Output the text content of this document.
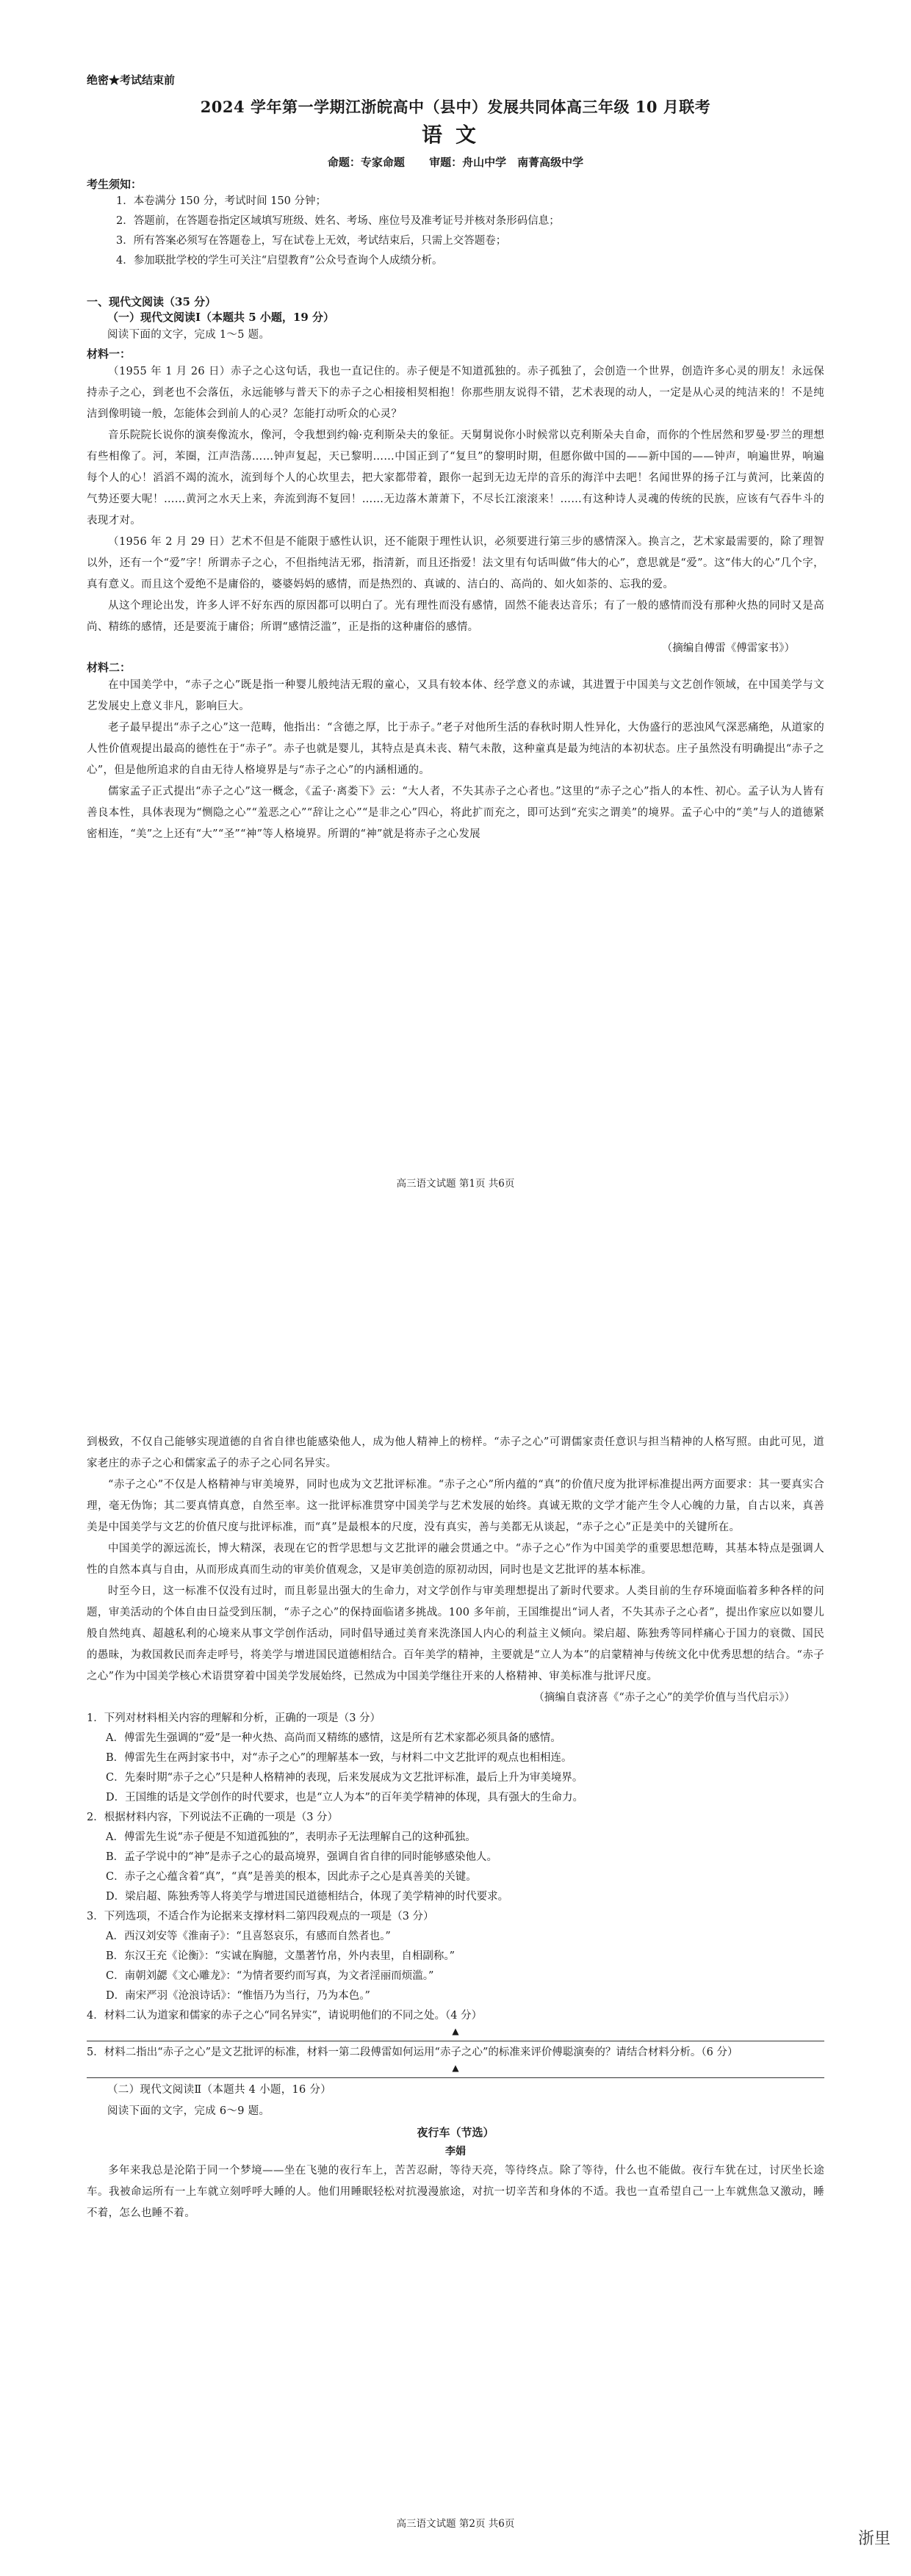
绝密★考试结束前
2024 学年第一学期江浙皖高中（县中）发展共同体高三年级 10 月联考
语文
命题：专家命题 审题：舟山中学　南菁高级中学
考生须知：
1．本卷满分 150 分，考试时间 150 分钟；
2．答题前，在答题卷指定区域填写班级、姓名、考场、座位号及准考证号并核对条形码信息；
3．所有答案必须写在答题卷上，写在试卷上无效，考试结束后，只需上交答题卷；
4．参加联批学校的学生可关注“启望教育”公众号查询个人成绩分析。
一、现代文阅读（35 分）
（一）现代文阅读Ⅰ（本题共 5 小题，19 分）
阅读下面的文字，完成 1～5 题。
材料一：

（1955 年 1 月 26 日）赤子之心这句话，我也一直记住的。赤子便是不知道孤独的。赤子孤独了，会创造一个世界，创造许多心灵的朋友！永远保持赤子之心，到老也不会落伍，永远能够与普天下的赤子之心相接相契相抱！你那些朋友说得不错，艺术表现的动人，一定是从心灵的纯洁来的！不是纯洁到像明镜一般，怎能体会到前人的心灵？怎能打动听众的心灵？

音乐院院长说你的演奏像流水，像河，令我想到约翰·克利斯朵夫的象征。天舅舅说你小时候常以克利斯朵夫自命，而你的个性居然和罗曼·罗兰的理想有些相像了。河，苯圈，江声浩荡……钟声复起，天已黎明……中国正到了“复旦”的黎明时期，但愿你做中国的——新中国的——钟声，响遍世界，响遍每个人的心！滔滔不竭的流水，流到每个人的心坎里去，把大家都带着，跟你一起到无边无岸的音乐的海洋中去吧！名闻世界的扬子江与黄河，比莱茵的气势还要大呢！……黄河之水天上来，奔流到海不复回！……无边落木萧萧下，不尽长江滚滚来！……有这种诗人灵魂的传统的民族，应该有气吞牛斗的表现才对。

（1956 年 2 月 29 日）艺术不但是不能限于感性认识，还不能限于理性认识，必须要进行第三步的感情深入。换言之，艺术家最需要的，除了理智以外，还有一个“爱”字！所谓赤子之心，不但指纯洁无邪，指清新，而且还指爱！法文里有句话叫做“伟大的心”，意思就是“爱”。这“伟大的心”几个字，真有意义。而且这个爱绝不是庸俗的，婆婆妈妈的感情，而是热烈的、真诚的、洁白的、高尚的、如火如荼的、忘我的爱。

从这个理论出发，许多人评不好东西的原因都可以明白了。光有理性而没有感情，固然不能表达音乐；有了一般的感情而没有那种火热的同时又是高尚、精练的感情，还是要流于庸俗；所谓“感情泛滥”，正是指的这种庸俗的感情。

（摘编自傅雷《傅雷家书》）
材料二：

在中国美学中，“赤子之心”既是指一种婴儿般纯洁无瑕的童心，又具有较本体、经学意义的赤诚，其进置于中国美与文艺创作领域，在中国美学与文艺发展史上意义非凡，影响巨大。

老子最早提出“赤子之心”这一范畴，他指出：“含德之厚，比于赤子。”老子对他所生活的春秋时期人性异化，大伪盛行的恶浊风气深恶痛绝，从道家的人性价值观提出最高的德性在于“赤子”。赤子也就是婴儿，其特点是真未丧、精气未散，这种童真是最为纯洁的本初状态。庄子虽然没有明确提出“赤子之心”，但是他所追求的自由无待人格境界是与“赤子之心”的内涵相通的。

儒家孟子正式提出“赤子之心”这一概念，《孟子·离娄下》云：“大人者，不失其赤子之心者也。”这里的“赤子之心”指人的本性、初心。孟子认为人皆有善良本性，具体表现为“恻隐之心”“羞恶之心”“辞让之心”“是非之心”四心，将此扩而充之，即可达到“充实之谓美”的境界。孟子心中的“美”与人的道德紧密相连，“美”之上还有“大”“圣”“神”等人格境界。所谓的“神”就是将赤子之心发展

高三语文试题 第1页 共6页

到极致，不仅自己能够实现道德的自省自律也能感染他人，成为他人精神上的榜样。“赤子之心”可谓儒家责任意识与担当精神的人格写照。由此可见，道家老庄的赤子之心和儒家孟子的赤子之心同名异实。

“赤子之心”不仅是人格精神与审美境界，同时也成为文艺批评标准。“赤子之心”所内蕴的“真”的价值尺度为批评标准提出两方面要求：其一要真实合理，毫无伪饰；其二要真情真意，自然至率。这一批评标准贯穿中国美学与艺术发展的始终。真诚无欺的文学才能产生令人心魄的力量，自古以来，真善美是中国美学与文艺的价值尺度与批评标准，而“真”是最根本的尺度，没有真实，善与美都无从谈起，“赤子之心”正是美中的关键所在。

中国美学的源远流长，博大精深，表现在它的哲学思想与文艺批评的融会贯通之中。“赤子之心”作为中国美学的重要思想范畴，其基本特点是强调人性的自然本真与自由，从而形成真而生动的审美价值观念，又是审美创造的原初动因，同时也是文艺批评的基本标准。

时至今日，这一标准不仅没有过时，而且彰显出强大的生命力，对文学创作与审美理想提出了新时代要求。人类目前的生存环境面临着多种各样的问题，审美活动的个体自由日益受到压制，“赤子之心”的保持面临诸多挑战。100 多年前，王国维提出“词人者，不失其赤子之心者”，提出作家应以如婴儿般自然纯真、超越私利的心境来从事文学创作活动，同时倡导通过美育来洗涤国人内心的利益主义倾向。梁启超、陈独秀等同样痛心于国力的衰微、国民的愚昧，为救国救民而奔走呼号，将美学与增进国民道德相结合。百年美学的精神，主要就是“立人为本”的启蒙精神与传统文化中优秀思想的结合。“赤子之心”作为中国美学核心术语贯穿着中国美学发展始终，已然成为中国美学继往开来的人格精神、审美标准与批评尺度。

（摘编自袁济喜《“赤子之心”的美学价值与当代启示》）
1．下列对材料相关内容的理解和分析，正确的一项是（3 分）
A．傅雷先生强调的“爱”是一种火热、高尚而又精练的感情，这是所有艺术家都必须具备的感情。
B．傅雷先生在两封家书中，对“赤子之心”的理解基本一致，与材料二中文艺批评的观点也相相连。
C．先秦时期“赤子之心”只是种人格精神的表现，后来发展成为文艺批评标准，最后上升为审美境界。
D．王国维的话是文学创作的时代要求，也是“立人为本”的百年美学精神的体现，具有强大的生命力。
2．根据材料内容，下列说法不正确的一项是（3 分）
A．傅雷先生说“赤子便是不知道孤独的”，表明赤子无法理解自己的这种孤独。
B．孟子学说中的“神”是赤子之心的最高境界，强调自省自律的同时能够感染他人。
C．赤子之心蕴含着“真”，“真”是善美的根本，因此赤子之心是真善美的关键。
D．梁启超、陈独秀等人将美学与增进国民道德相结合，体现了美学精神的时代要求。
3．下列选项，不适合作为论据来支撑材料二第四段观点的一项是（3 分）
A．西汉刘安等《淮南子》：“且喜怒哀乐，有感而自然者也。”
B．东汉王充《论衡》：“实诚在胸臆，文墨著竹帛，外内表里，自相副称。”
C．南朝刘勰《文心雕龙》：“为情者要约而写真，为文者淫丽而烦滥。”
D．南宋严羽《沧浪诗话》：“惟悟乃为当行，乃为本色。”
4．材料二认为道家和儒家的赤子之心“同名异实”，请说明他们的不同之处。（4 分）
▲
5．材料二指出“赤子之心”是文艺批评的标准，材料一第二段傅雷如何运用“赤子之心”的标准来评价傅聪演奏的？请结合材料分析。（6 分）
▲
（二）现代文阅读Ⅱ（本题共 4 小题，16 分）
阅读下面的文字，完成 6～9 题。
夜行车（节选）
李娟

多年来我总是沦陷于同一个梦境——坐在飞驰的夜行车上，苦苦忍耐，等待天亮，等待终点。除了等待，什么也不能做。夜行车犹在过，讨厌坐长途车。我被命运所有一上车就立刻呼呼大睡的人。他们用睡眠轻松对抗漫漫旅途，对抗一切辛苦和身体的不适。我也一直希望自己一上车就焦急又激动，睡不着，怎么也睡不着。

高三语文试题 第2页 共6页
浙里
